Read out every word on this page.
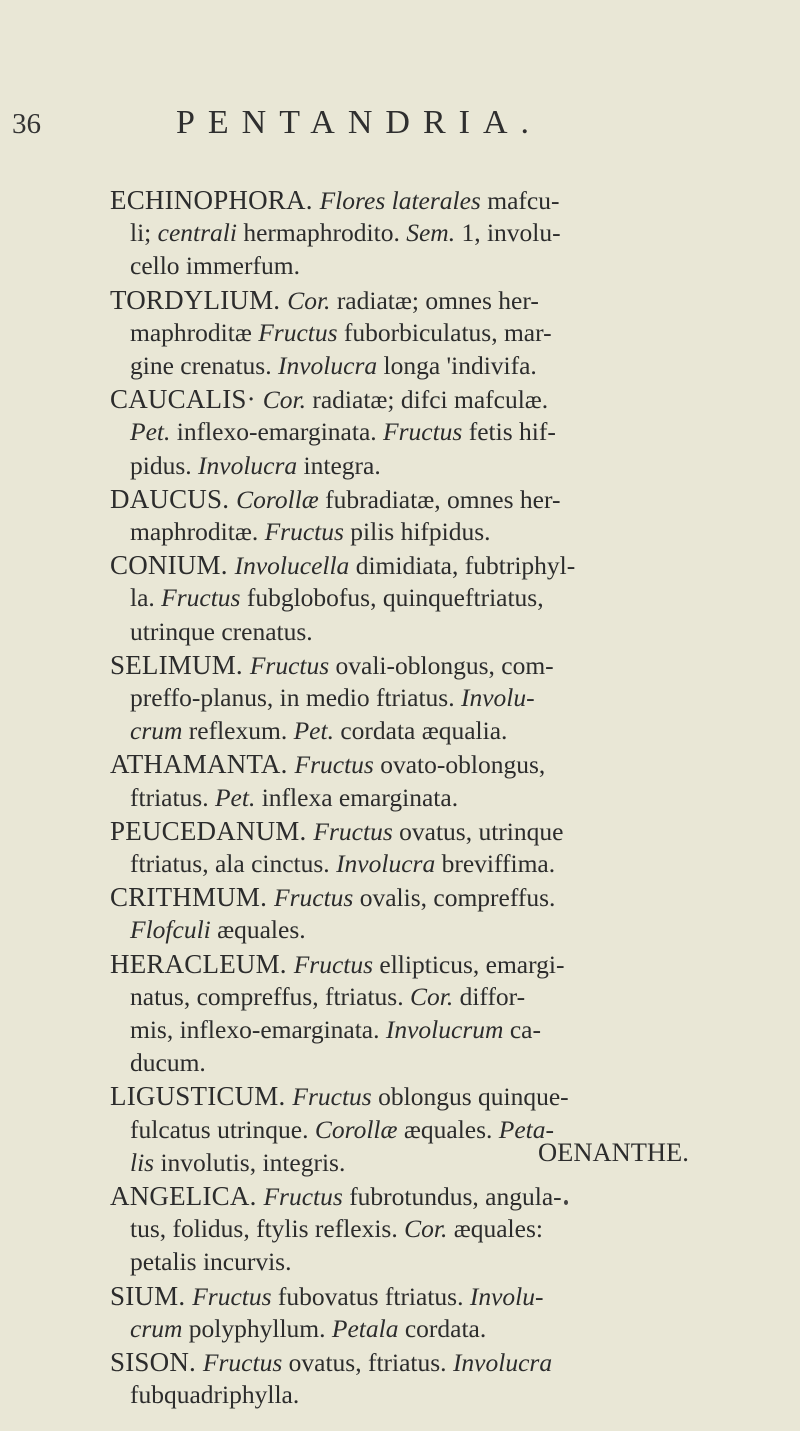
36	PENTANDRIA.
ECHINOPHORA. Flores laterales mafcu-
li; centrali hermaphrodito. Sem. 1, involu-
cello immerfum.
TORDYLIUM. Cor. radiatæ; omnes her-
maphroditæ Fructus fuborbiculatus, mar-
gine crenatus. Involucra longa 'indivifa.
CAUCALIS· Cor. radiatæ; difci mafculæ.
Pet. inflexo-emarginata. Fructus fetis hif-
pidus. Involucra integra.
DAUCUS. Corollæ fubradiatæ, omnes her-
maphroditæ. Fructus pilis hifpidus.
CONIUM. Involucella dimidiata, fubtriphyl-
la. Fructus fubglobofus, quinqueftriatus,
utrinque crenatus.
SELIMUM. Fructus ovali-oblongus, com-
preffo-planus, in medio ftriatus. Involu-
crum reflexum. Pet. cordata æqualia.
ATHAMANTA. Fructus ovato-oblongus,
ftriatus. Pet. inflexa emarginata.
PEUCEDANUM. Fructus ovatus, utrinque
ftriatus, ala cinctus. Involucra breviffima.
CRITHMUM. Fructus ovalis, compreffus.
Flofculi æquales.
HERACLEUM. Fructus ellipticus, emargi-
natus, compreffus, ftriatus. Cor. diffor-
mis, inflexo-emarginata. Involucrum ca-
ducum.
LIGUSTICUM. Fructus oblongus quinque-
fulcatus utrinque. Corollæ æquales. Peta-
lis involutis, integris.
ANGELICA. Fructus fubrotundus, angula-
tus, folidus, ftylis reflexis. Cor. æquales:
petalis incurvis.
SIUM. Fructus fubovatus ftriatus. Involu-
crum polyphyllum. Petala cordata.
SISON. Fructus ovatus, ftriatus. Involucra
fubquadriphylla.
OENANTHE.
